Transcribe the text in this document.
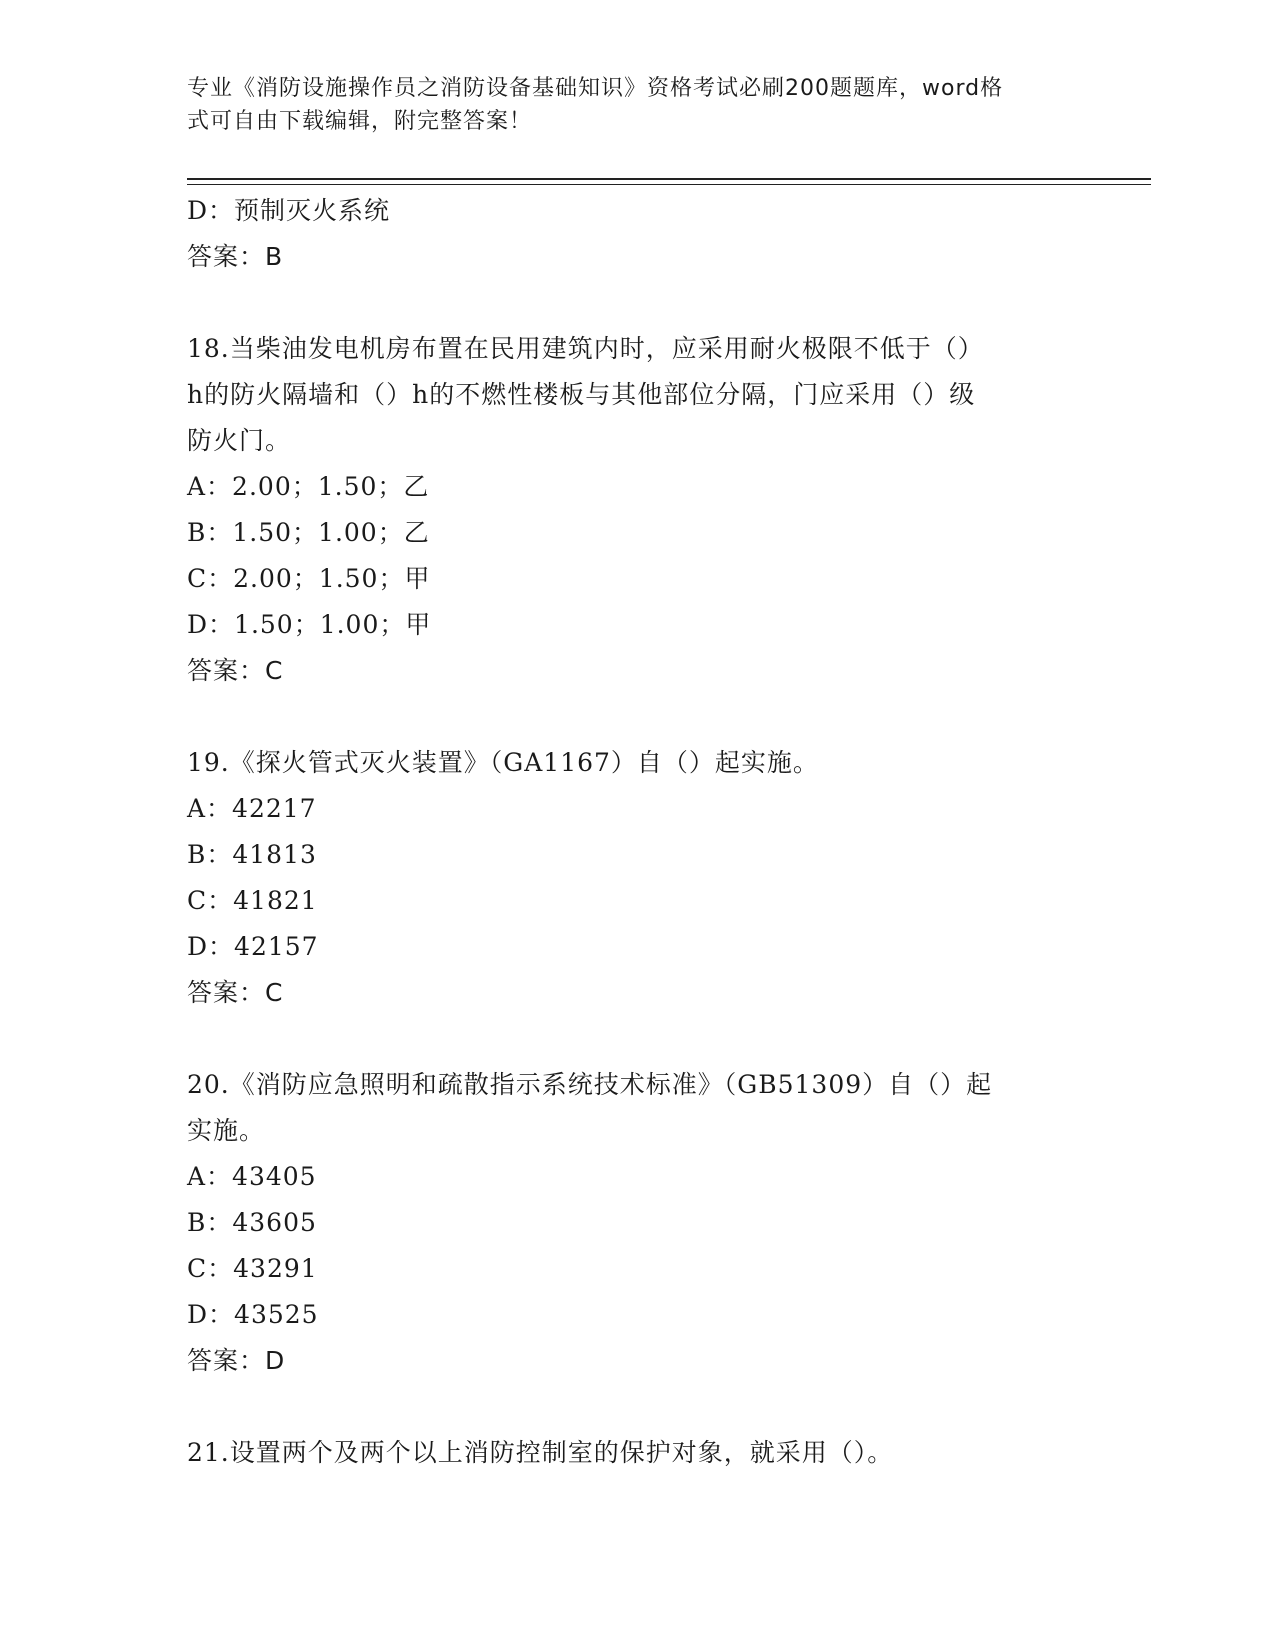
专业《消防设施操作员之消防设备基础知识》资格考试必刷200题题库，word格
式可自由下载编辑，附完整答案！
D：预制灭火系统
答案：B
18.当柴油发电机房布置在民用建筑内时，应采用耐火极限不低于（）
h的防火隔墙和（）h的不燃性楼板与其他部位分隔，门应采用（）级
防火门。
A：2.00；1.50；乙
B：1.50；1.00；乙
C：2.00；1.50；甲
D：1.50；1.00；甲
答案：C
19.《探火管式灭火装置》（GA1167）自（）起实施。
A：42217
B：41813
C：41821
D：42157
答案：C
20.《消防应急照明和疏散指示系统技术标准》（GB51309）自（）起
实施。
A：43405
B：43605
C：43291
D：43525
答案：D
21.设置两个及两个以上消防控制室的保护对象，就采用（）。
